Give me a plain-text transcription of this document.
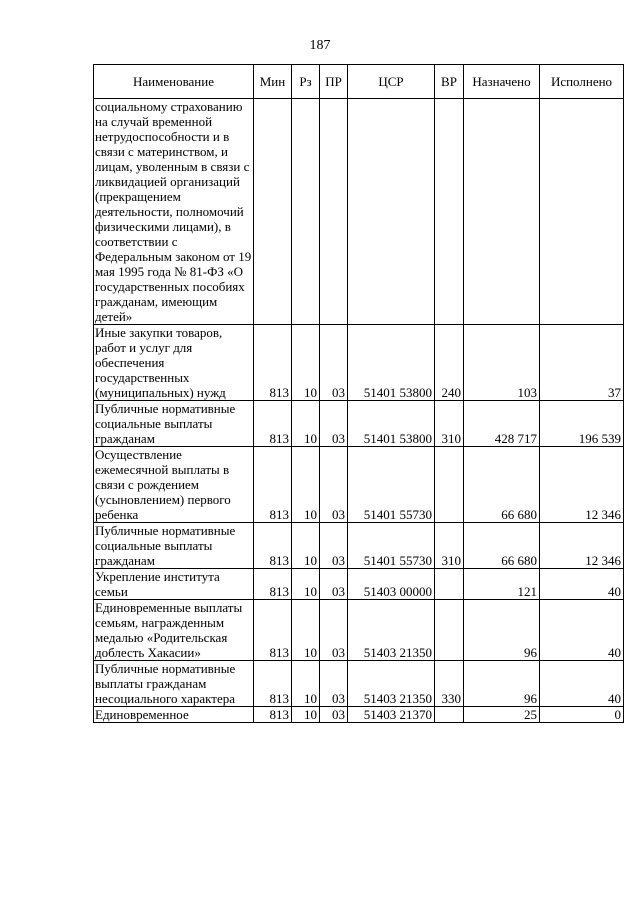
187
Наименование	Мин	Рз	ПР	ЦСР	ВР	Назначено	Исполнено
социальному страхованию на случай временной нетрудоспособности и в связи с материнством, и лицам, уволенным в связи с ликвидацией организаций (прекращением деятельности, полномочий физическими лицами), в соответствии с Федеральным законом от 19 мая 1995 года № 81-ФЗ «О государственных пособиях гражданам, имеющим детей»							
Иные закупки товаров, работ и услуг для обеспечения государственных (муниципальных) нужд	813	10	03	51401 53800	240	103	37
Публичные нормативные социальные выплаты гражданам	813	10	03	51401 53800	310	428 717	196 539
Осуществление ежемесячной выплаты в связи с рождением (усыновлением) первого ребенка	813	10	03	51401 55730		66 680	12 346
Публичные нормативные социальные выплаты гражданам	813	10	03	51401 55730	310	66 680	12 346
Укрепление института семьи	813	10	03	51403 00000		121	40
Единовременные выплаты семьям, награжденным медалью «Родительская доблесть Хакасии»	813	10	03	51403 21350		96	40
Публичные нормативные выплаты гражданам несоциального характера	813	10	03	51403 21350	330	96	40
Единовременное	813	10	03	51403 21370		25	0
